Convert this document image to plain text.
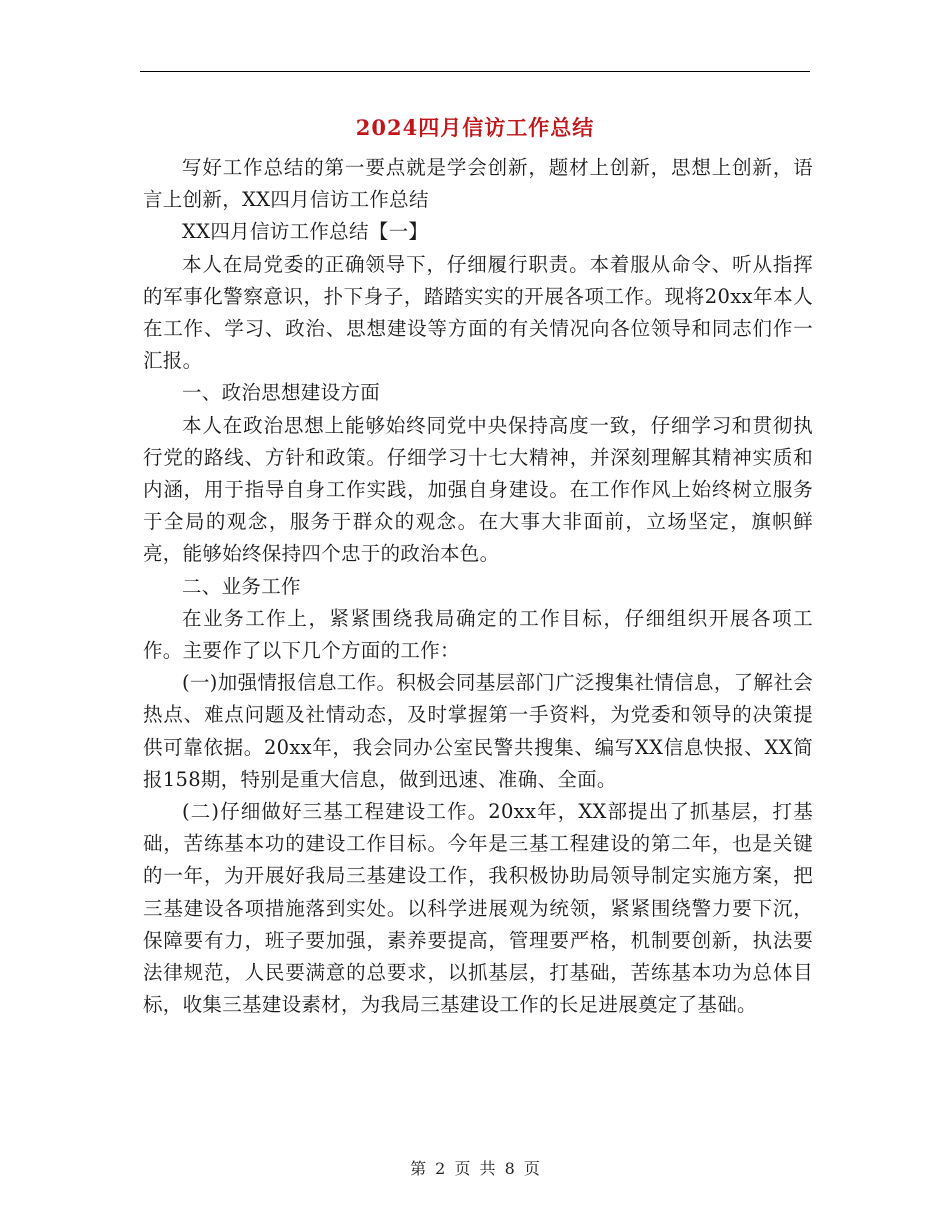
2024四月信访工作总结

写好工作总结的第一要点就是学会创新，题材上创新，思想上创新，语言上创新，XX四月信访工作总结

XX四月信访工作总结【一】

本人在局党委的正确领导下，仔细履行职责。本着服从命令、听从指挥的军事化警察意识，扑下身子，踏踏实实的开展各项工作。现将20xx年本人在工作、学习、政治、思想建设等方面的有关情况向各位领导和同志们作一汇报。

一、政治思想建设方面

本人在政治思想上能够始终同党中央保持高度一致，仔细学习和贯彻执行党的路线、方针和政策。仔细学习十七大精神，并深刻理解其精神实质和内涵，用于指导自身工作实践，加强自身建设。在工作作风上始终树立服务于全局的观念，服务于群众的观念。在大事大非面前，立场坚定，旗帜鲜亮，能够始终保持四个忠于的政治本色。

二、业务工作

在业务工作上，紧紧围绕我局确定的工作目标，仔细组织开展各项工作。主要作了以下几个方面的工作：

(一)加强情报信息工作。积极会同基层部门广泛搜集社情信息，了解社会热点、难点问题及社情动态，及时掌握第一手资料，为党委和领导的决策提供可靠依据。20xx年，我会同办公室民警共搜集、编写XX信息快报、XX简报158期，特别是重大信息，做到迅速、准确、全面。

(二)仔细做好三基工程建设工作。20xx年，XX部提出了抓基层，打基础，苦练基本功的建设工作目标。今年是三基工程建设的第二年，也是关键的一年，为开展好我局三基建设工作，我积极协助局领导制定实施方案，把三基建设各项措施落到实处。以科学进展观为统领，紧紧围绕警力要下沉，保障要有力，班子要加强，素养要提高，管理要严格，机制要创新，执法要法律规范，人民要满意的总要求，以抓基层，打基础，苦练基本功为总体目标，收集三基建设素材，为我局三基建设工作的长足进展奠定了基础。

第 2 页 共 8 页
